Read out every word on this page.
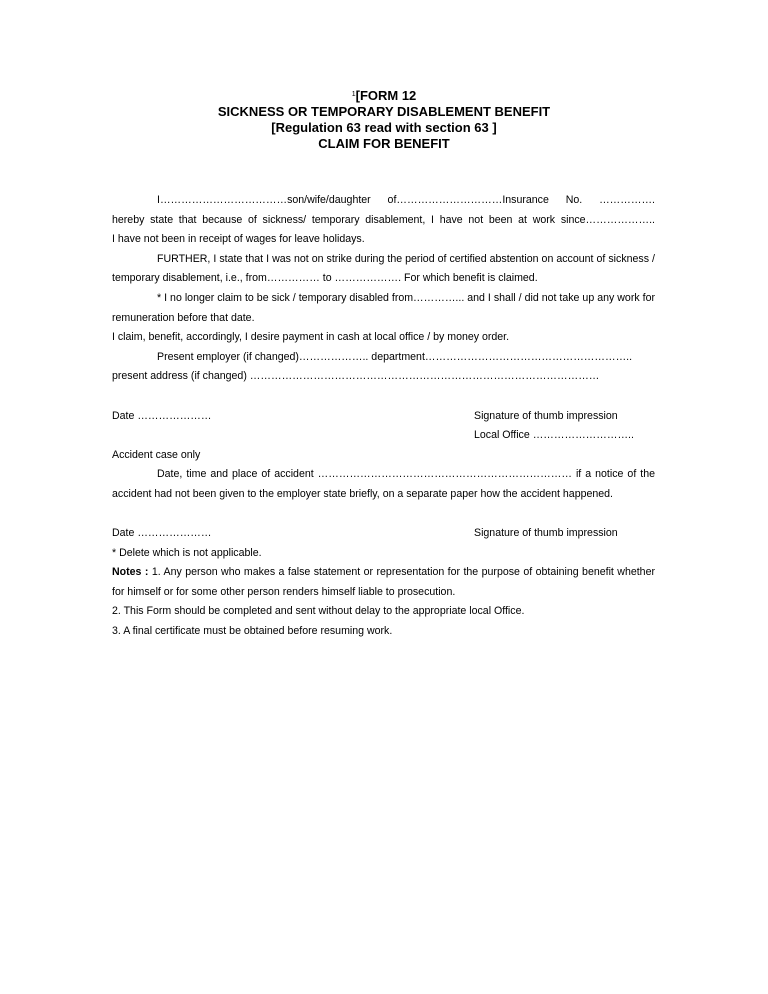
$^1$[FORM 12
SICKNESS OR TEMPORARY DISABLEMENT BENEFIT
[Regulation 63 read with section 63 ]
CLAIM FOR BENEFIT

I………………………………son/wife/daughter of…………………………Insurance No. …………….

hereby state that because of sickness/ temporary disablement, I have not been at work since………………..

I have not been in receipt of wages for leave holidays.

FURTHER, I state that I was not on strike during the period of certified abstention on account of sickness / temporary disablement, i.e., from…………… to ………………. For which benefit is claimed.

* I no longer claim to be sick / temporary disabled from…………... and I shall / did not take up any work for remuneration before that date.

I claim, benefit, accordingly, I desire payment in cash at local office / by money order.

Present employer (if changed)……………….. department…………………………………………………..

present address (if changed) ………………………………………………………………………………………

Date …………………	Signature of thumb impression
Local Office ………………………..

Accident case only

Date, time and place of accident ……………………………………………………………… if a notice of the accident had not been given to the employer state briefly, on a separate paper how the accident happened.

Date …………………	Signature of thumb impression

* Delete which is not applicable.

Notes : 1. Any person who makes a false statement or representation for the purpose of obtaining benefit whether for himself or for some other person renders himself liable to prosecution.

2. This Form should be completed and sent without delay to the appropriate local Office.

3. A final certificate must be obtained before resuming work.
